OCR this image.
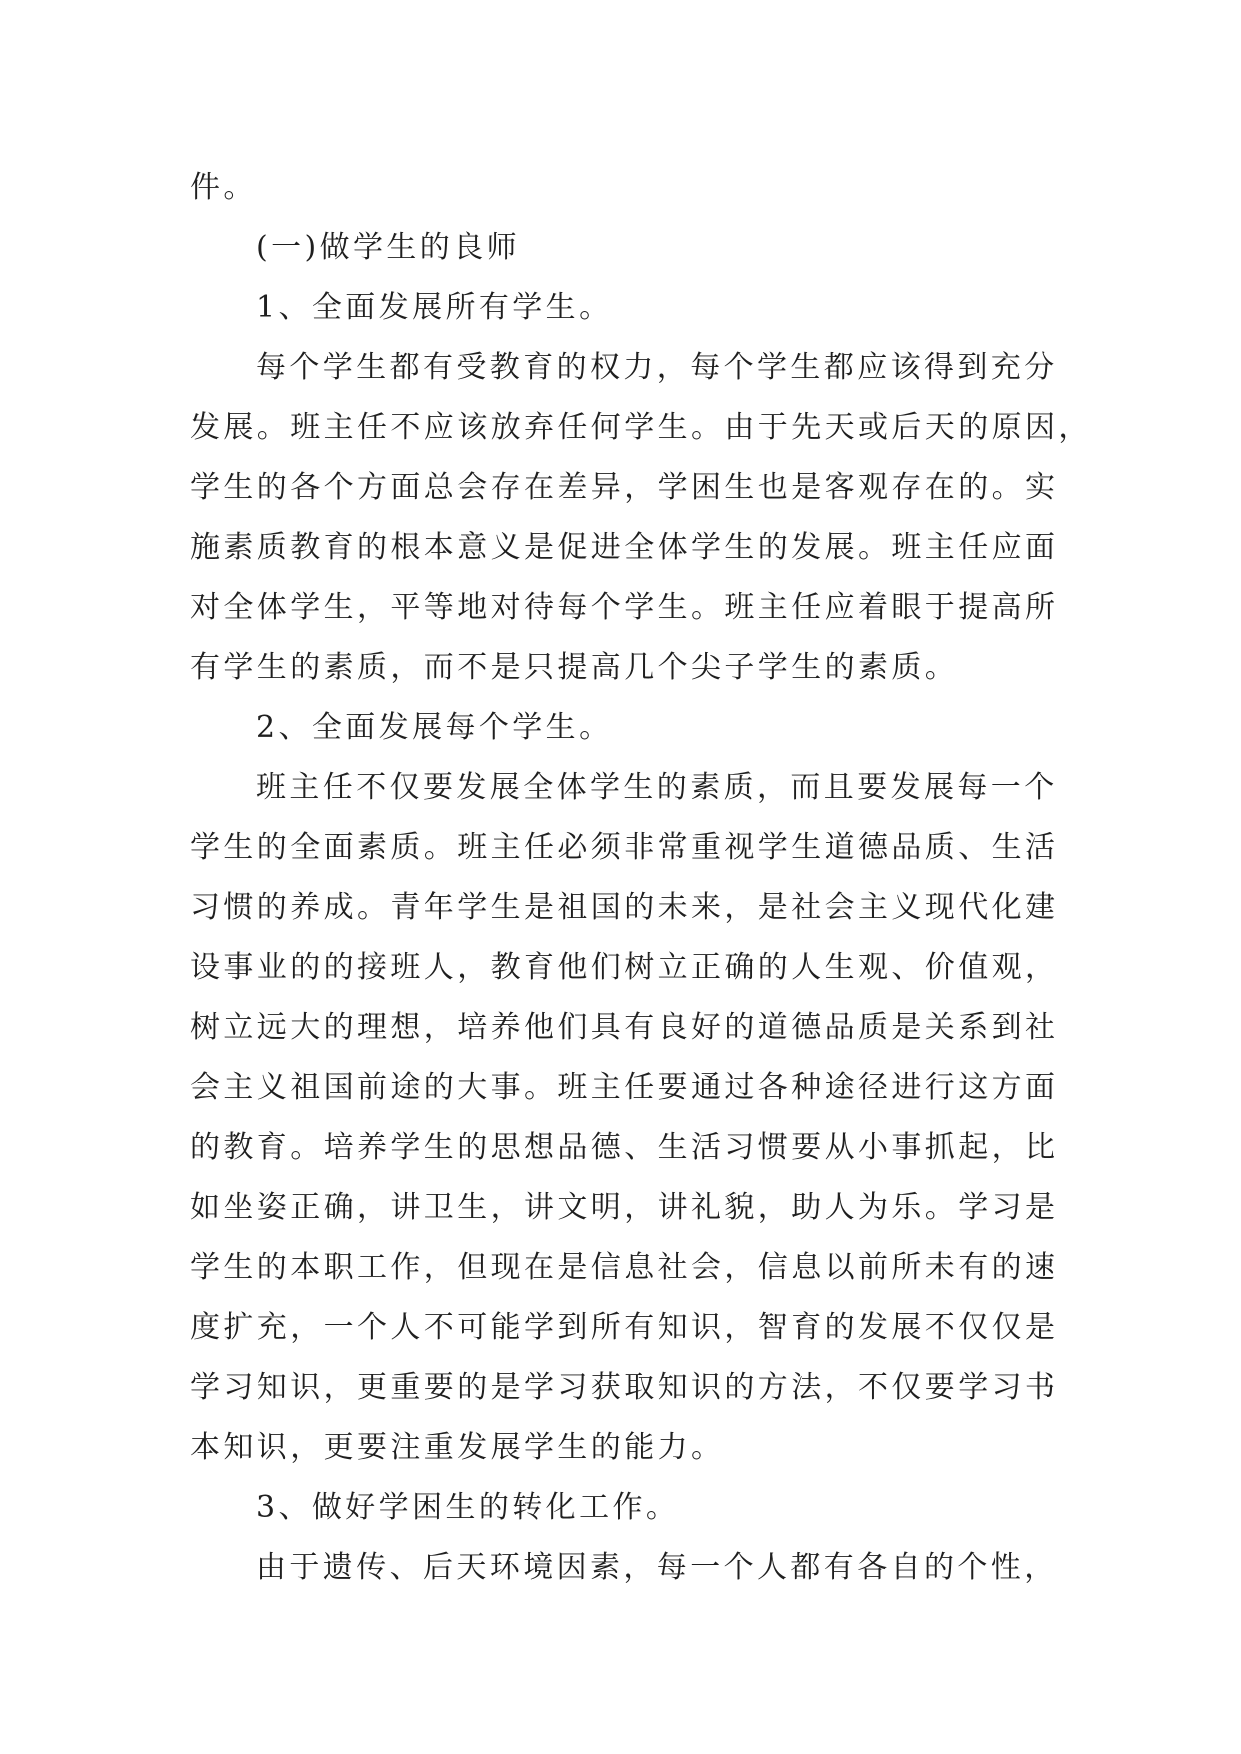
件。
(一)做学生的良师
1、全面发展所有学生。
每个学生都有受教育的权力，每个学生都应该得到充分
发展。班主任不应该放弃任何学生。由于先天或后天的原因，
学生的各个方面总会存在差异，学困生也是客观存在的。实
施素质教育的根本意义是促进全体学生的发展。班主任应面
对全体学生，平等地对待每个学生。班主任应着眼于提高所
有学生的素质，而不是只提高几个尖子学生的素质。
2、全面发展每个学生。
班主任不仅要发展全体学生的素质，而且要发展每一个
学生的全面素质。班主任必须非常重视学生道德品质、生活
习惯的养成。青年学生是祖国的未来，是社会主义现代化建
设事业的的接班人，教育他们树立正确的人生观、价值观，
树立远大的理想，培养他们具有良好的道德品质是关系到社
会主义祖国前途的大事。班主任要通过各种途径进行这方面
的教育。培养学生的思想品德、生活习惯要从小事抓起，比
如坐姿正确，讲卫生，讲文明，讲礼貌，助人为乐。学习是
学生的本职工作，但现在是信息社会，信息以前所未有的速
度扩充，一个人不可能学到所有知识，智育的发展不仅仅是
学习知识，更重要的是学习获取知识的方法，不仅要学习书
本知识，更要注重发展学生的能力。
3、做好学困生的转化工作。
由于遗传、后天环境因素，每一个人都有各自的个性，
